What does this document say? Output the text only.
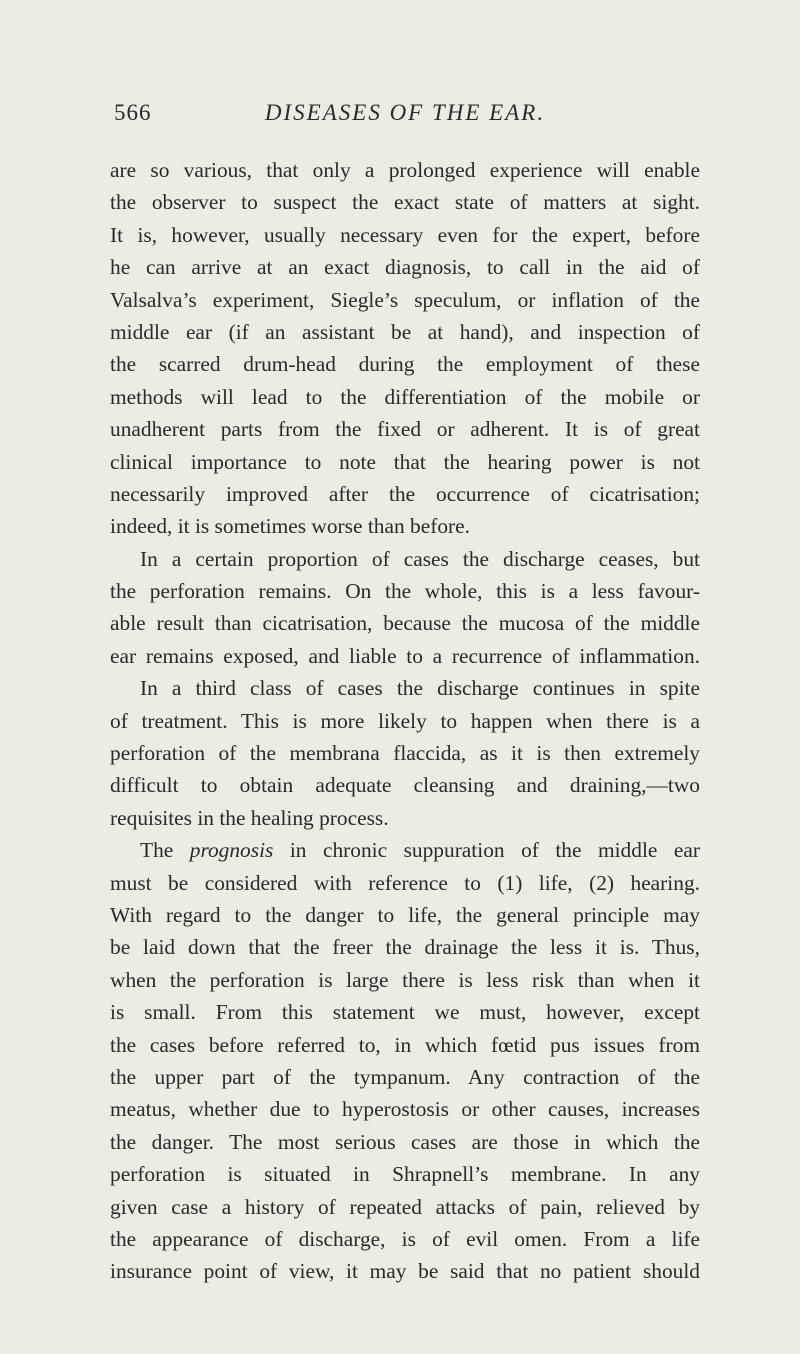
566	DISEASES OF THE EAR.
are so various, that only a prolonged experience will enable
the observer to suspect the exact state of matters at sight.
It is, however, usually necessary even for the expert, before
he can arrive at an exact diagnosis, to call in the aid of
Valsalva’s experiment, Siegle’s speculum, or inflation of the
middle ear (if an assistant be at hand), and inspection of
the scarred drum-head during the employment of these
methods will lead to the differentiation of the mobile or
unadherent parts from the fixed or adherent. It is of great
clinical importance to note that the hearing power is not
necessarily improved after the occurrence of cicatrisation;
indeed, it is sometimes worse than before.
In a certain proportion of cases the discharge ceases, but
the perforation remains. On the whole, this is a less favour-
able result than cicatrisation, because the mucosa of the middle
ear remains exposed, and liable to a recurrence of inflammation.
In a third class of cases the discharge continues in spite
of treatment. This is more likely to happen when there is a
perforation of the membrana flaccida, as it is then extremely
difficult to obtain adequate cleansing and draining,—two
requisites in the healing process.
The prognosis in chronic suppuration of the middle ear
must be considered with reference to (1) life, (2) hearing.
With regard to the danger to life, the general principle may
be laid down that the freer the drainage the less it is. Thus,
when the perforation is large there is less risk than when it
is small. From this statement we must, however, except
the cases before referred to, in which fœtid pus issues from
the upper part of the tympanum. Any contraction of the
meatus, whether due to hyperostosis or other causes, increases
the danger. The most serious cases are those in which the
perforation is situated in Shrapnell’s membrane. In any
given case a history of repeated attacks of pain, relieved by
the appearance of discharge, is of evil omen. From a life
insurance point of view, it may be said that no patient should
